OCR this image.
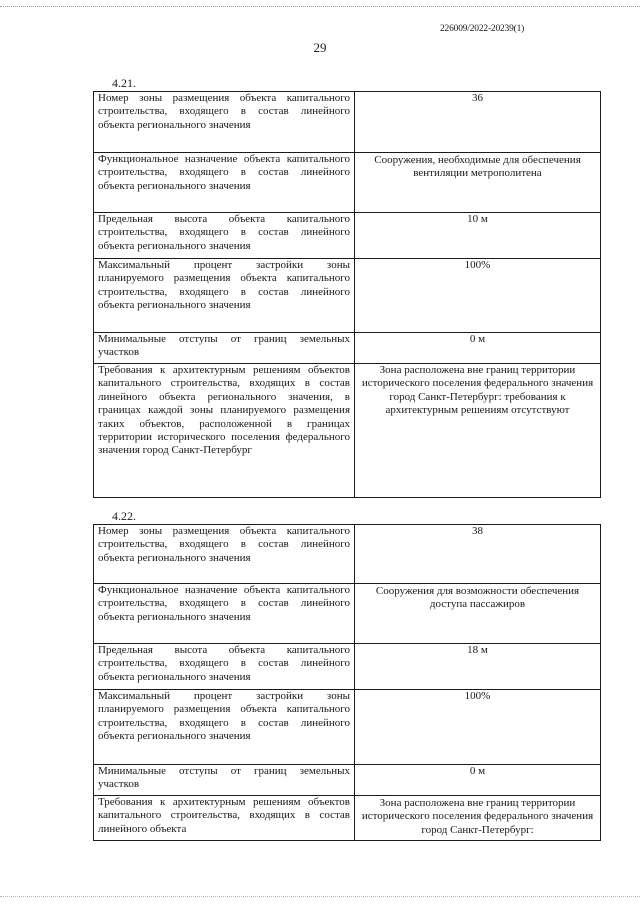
226009/2022-20239(1)
29
4.21.
Номер зоны размещения объекта капитального строительства, входящего в состав линейного объекта регионального значения	36
Функциональное назначение объекта капитального строительства, входящего в состав линейного объекта регионального значения	Сооружения, необходимые для обеспечения вентиляции метрополитена
Предельная высота объекта капитального строительства, входящего в состав линейного объекта регионального значения	10 м
Максимальный процент застройки зоны планируемого размещения объекта капитального строительства, входящего в состав линейного объекта регионального значения	100%
Минимальные отступы от границ земельных участков	0 м
Требования к архитектурным решениям объектов капитального строительства, входящих в состав линейного объекта регионального значения, в границах каждой зоны планируемого размещения таких объектов, расположенной в границах территории исторического поселения федерального значения город Санкт-Петербург	Зона расположена вне границ территории исторического поселения федерального значения город Санкт-Петербург: требования к архитектурным решениям отсутствуют
4.22.
Номер зоны размещения объекта капитального строительства, входящего в состав линейного объекта регионального значения	38
Функциональное назначение объекта капитального строительства, входящего в состав линейного объекта регионального значения	Сооружения для возможности обеспечения доступа пассажиров
Предельная высота объекта капитального строительства, входящего в состав линейного объекта регионального значения	18 м
Максимальный процент застройки зоны планируемого размещения объекта капитального строительства, входящего в состав линейного объекта регионального значения	100%
Минимальные отступы от границ земельных участков	0 м
Требования к архитектурным решениям объектов капитального строительства, входящих в состав линейного объекта	Зона расположена вне границ территории исторического поселения федерального значения город Санкт-Петербург:
